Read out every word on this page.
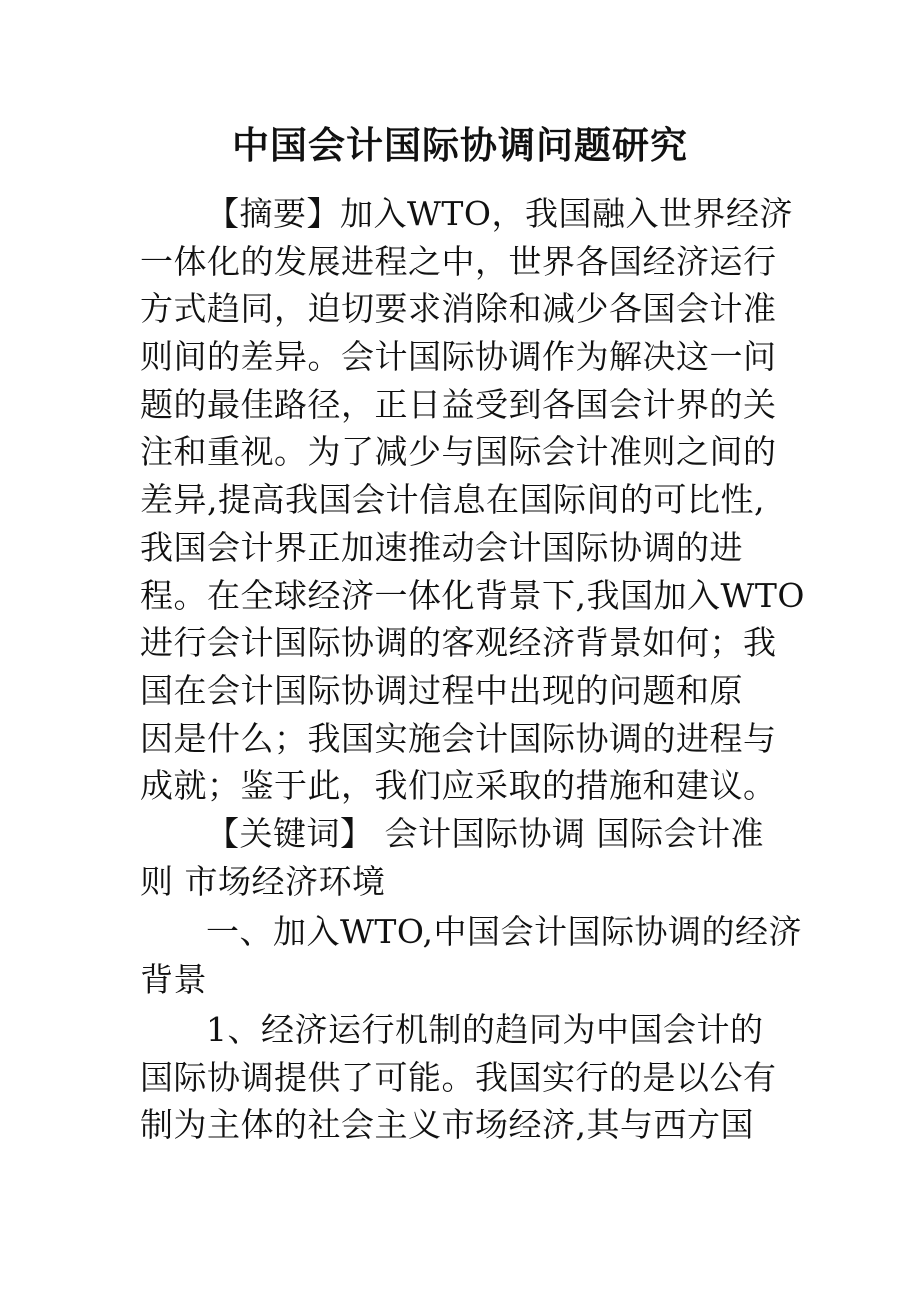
中国会计国际协调问题研究
【摘要】加入WTO，我国融入世界经济
一体化的发展进程之中，世界各国经济运行
方式趋同，迫切要求消除和减少各国会计准
则间的差异。会计国际协调作为解决这一问
题的最佳路径，正日益受到各国会计界的关
注和重视。为了减少与国际会计准则之间的
差异,提高我国会计信息在国际间的可比性,
我国会计界正加速推动会计国际协调的进
程。在全球经济一体化背景下,我国加入WTO
进行会计国际协调的客观经济背景如何；我
国在会计国际协调过程中出现的问题和原
因是什么；我国实施会计国际协调的进程与
成就；鉴于此，我们应采取的措施和建议。
【关键词】 会计国际协调 国际会计准
则 市场经济环境
一、加入WTO,中国会计国际协调的经济
背景
1、经济运行机制的趋同为中国会计的
国际协调提供了可能。我国实行的是以公有
制为主体的社会主义市场经济,其与西方国
